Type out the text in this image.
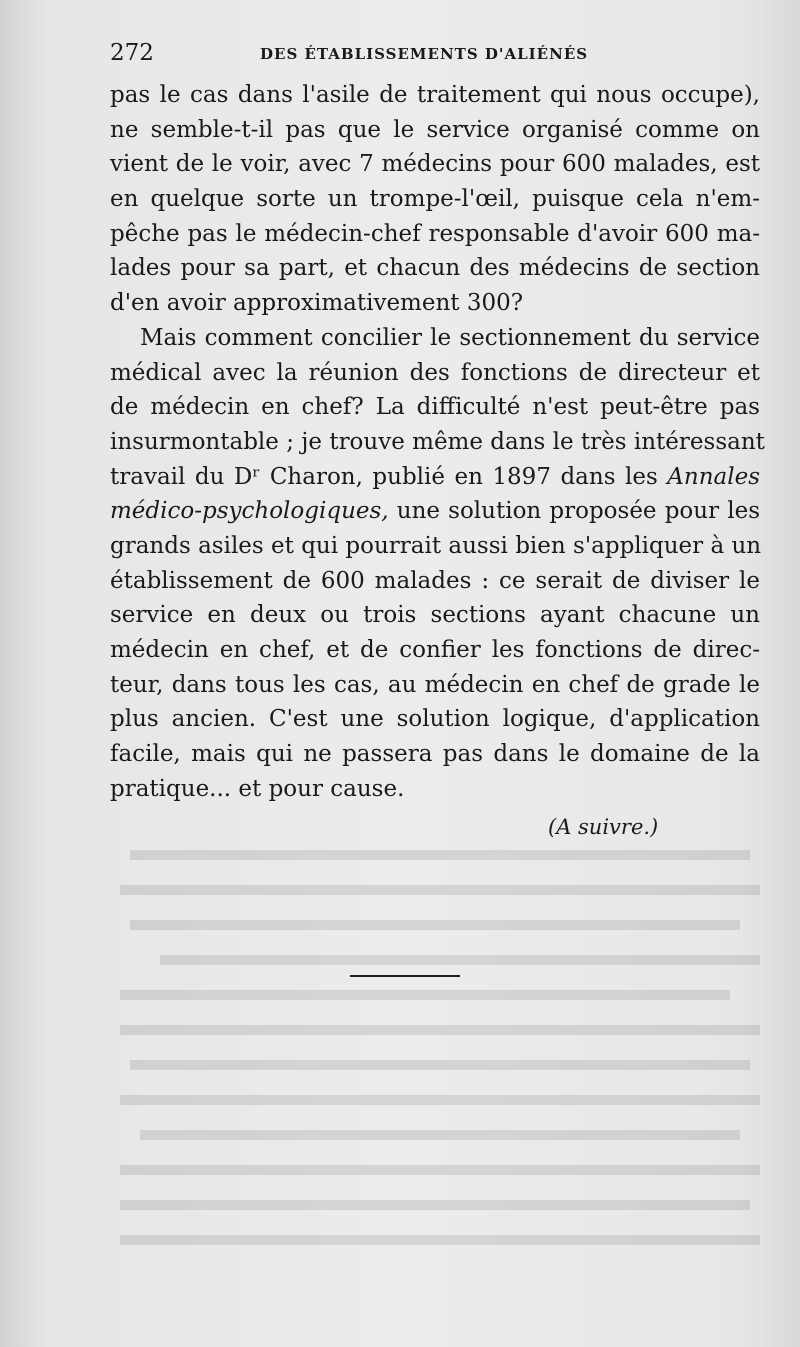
272	DES ÉTABLISSEMENTS D'ALIÉNÉS
pas le cas dans l'asile de traitement qui nous occupe),
ne semble-t-il pas que le service organisé comme on
vient de le voir, avec 7 médecins pour 600 malades, est
en quelque sorte un trompe-l'œil, puisque cela n'em-
pêche pas le médecin-chef responsable d'avoir 600 ma-
lades pour sa part, et chacun des médecins de section
d'en avoir approximativement 300?
Mais comment concilier le sectionnement du service
médical avec la réunion des fonctions de directeur et
de médecin en chef? La difficulté n'est peut-être pas
insurmontable ; je trouve même dans le très intéressant
travail du Dʳ Charon, publié en 1897 dans les Annales
médico-psychologiques, une solution proposée pour les
grands asiles et qui pourrait aussi bien s'appliquer à un
établissement de 600 malades : ce serait de diviser le
service en deux ou trois sections ayant chacune un
médecin en chef, et de confier les fonctions de direc-
teur, dans tous les cas, au médecin en chef de grade le
plus ancien. C'est une solution logique, d'application
facile, mais qui ne passera pas dans le domaine de la
pratique... et pour cause.
(A suivre.)
